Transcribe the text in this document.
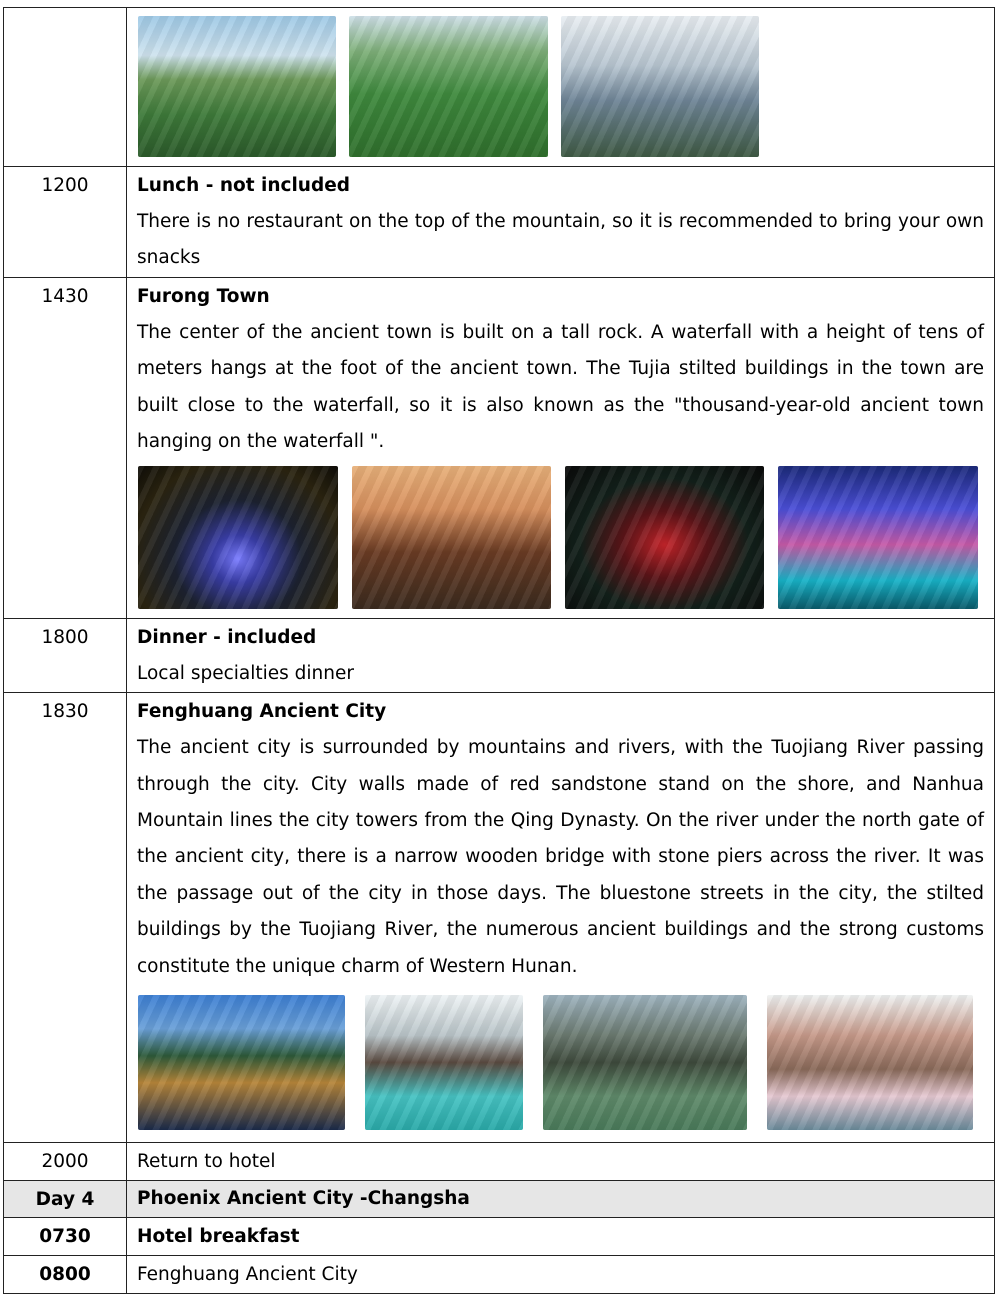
1200	Lunch - not included
There is no restaurant on the top of the mountain, so it is recommended to bring your own snacks

1430	Furong Town
The center of the ancient town is built on a tall rock. A waterfall with a height of tens of meters hangs at the foot of the ancient town. The Tujia stilted buildings in the town are built close to the waterfall, so it is also known as the "thousand-year-old ancient town hanging on the waterfall ".

1800	Dinner - included
Local specialties dinner

1830	Fenghuang Ancient City
The ancient city is surrounded by mountains and rivers, with the Tuojiang River passing through the city. City walls made of red sandstone stand on the shore, and Nanhua Mountain lines the city towers from the Qing Dynasty. On the river under the north gate of the ancient city, there is a narrow wooden bridge with stone piers across the river. It was the passage out of the city in those days. The bluestone streets in the city, the stilted buildings by the Tuojiang River, the numerous ancient buildings and the strong customs constitute the unique charm of Western Hunan.

2000	Return to hotel

Day 4	Phoenix Ancient City -Changsha

0730	Hotel breakfast

0800	Fenghuang Ancient City
